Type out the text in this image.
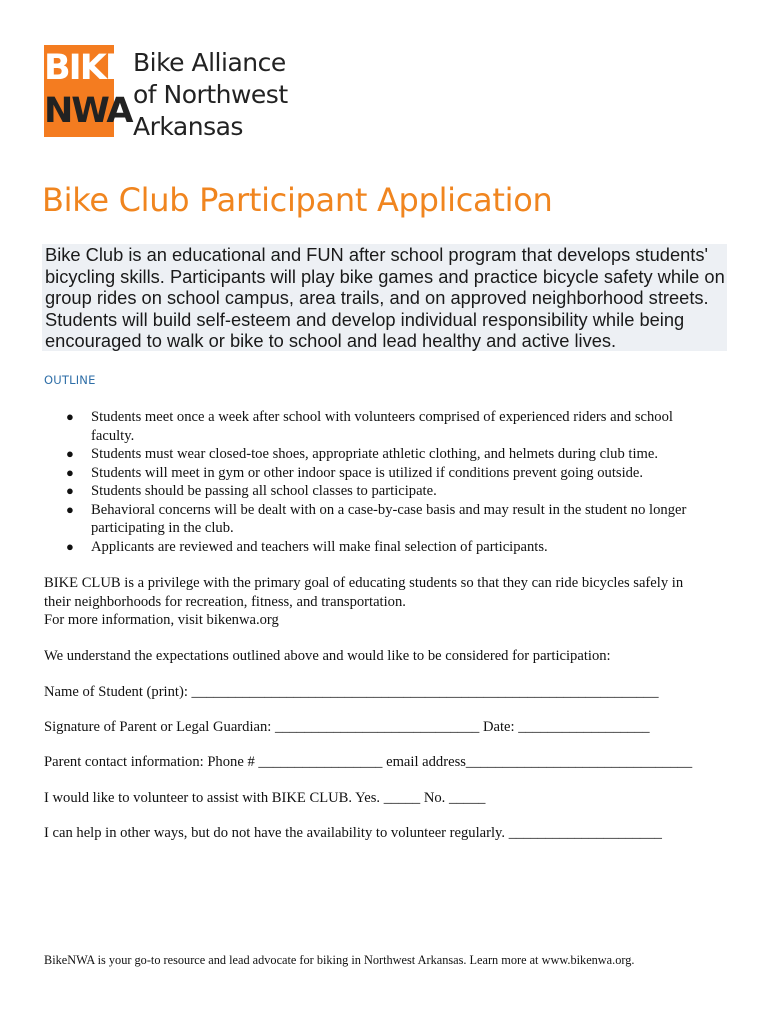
BIKE
NWA
Bike Alliance
of Northwest
Arkansas
Bike Club Participant Application
Bike Club is an educational and FUN after school program that develops students' bicycling skills. Participants will play bike games and practice bicycle safety while on group rides on school campus, area trails, and on approved neighborhood streets. Students will build self-esteem and develop individual responsibility while being encouraged to walk or bike to school and lead healthy and active lives.
OUTLINE
● Students meet once a week after school with volunteers comprised of experienced riders and school faculty.
● Students must wear closed-toe shoes, appropriate athletic clothing, and helmets during club time.
● Students will meet in gym or other indoor space is utilized if conditions prevent going outside.
● Students should be passing all school classes to participate.
● Behavioral concerns will be dealt with on a case-by-case basis and may result in the student no longer participating in the club.
● Applicants are reviewed and teachers will make final selection of participants.
BIKE CLUB is a privilege with the primary goal of educating students so that they can ride bicycles safely in
their neighborhoods for recreation, fitness, and transportation.
For more information, visit bikenwa.org
We understand the expectations outlined above and would like to be considered for participation:
Name of Student (print): ________________________________________________________________
Signature of Parent or Legal Guardian: ____________________________ Date: __________________
Parent contact information: Phone # _________________ email address_______________________________
I would like to volunteer to assist with BIKE CLUB. Yes. _____ No. _____
I can help in other ways, but do not have the availability to volunteer regularly. _____________________
BikeNWA is your go-to resource and lead advocate for biking in Northwest Arkansas. Learn more at www.bikenwa.org.
